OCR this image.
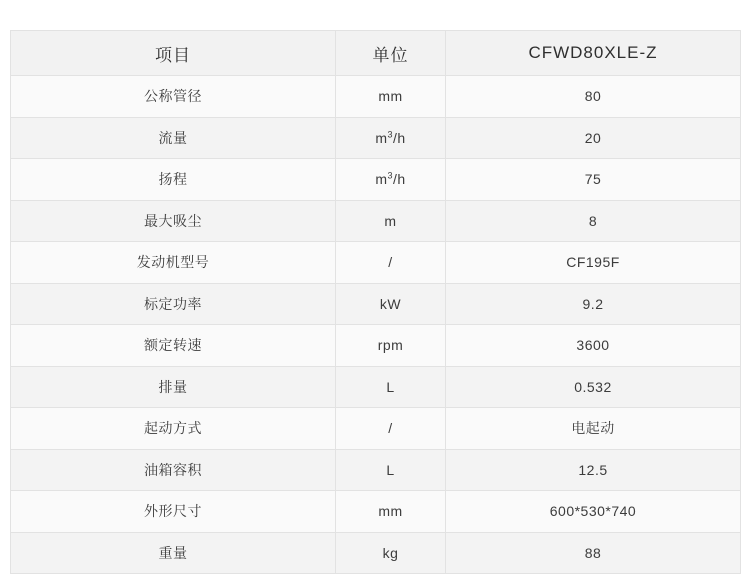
项目	单位	CFWD80XLE-Z
公称管径	mm	80
流量	$m^3/h$	20
扬程	$m^3/h$	75
最大吸尘	m	8
发动机型号	/	CF195F
标定功率	kW	9.2
额定转速	rpm	3600
排量	L	0.532
起动方式	/	电起动
油箱容积	L	12.5
外形尺寸	mm	600*530*740
重量	kg	88
